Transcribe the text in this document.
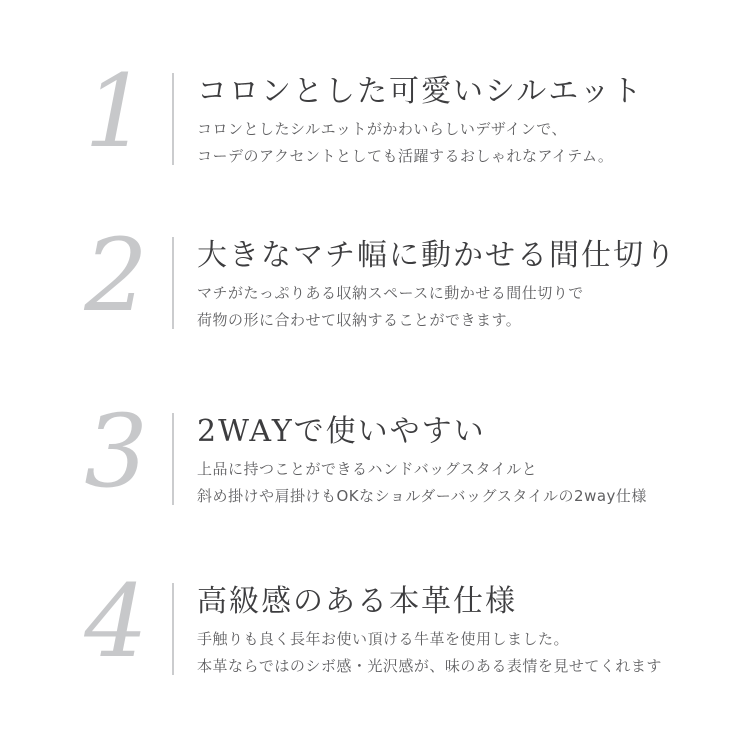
1	コロンとした可愛いシルエット

コロンとしたシルエットがかわいらしいデザインで、

コーデのアクセントとしても活躍するおしゃれなアイテム。

2	大きなマチ幅に動かせる間仕切り

マチがたっぷりある収納スペースに動かせる間仕切りで

荷物の形に合わせて収納することができます。

3	2WAYで使いやすい

上品に持つことができるハンドバッグスタイルと

斜め掛けや肩掛けもOKなショルダーバッグスタイルの2way仕様

4	高級感のある本革仕様

手触りも良く長年お使い頂ける牛革を使用しました。

本革ならではのシボ感・光沢感が、味のある表情を見せてくれます
